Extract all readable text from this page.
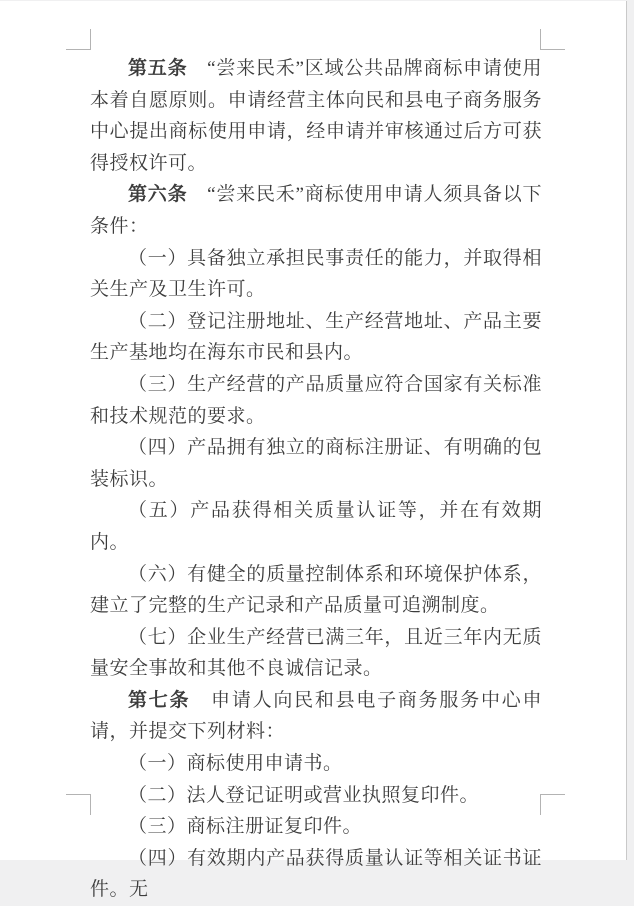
第五条　“尝来民禾”区域公共品牌商标申请使用本着自愿原则。申请经营主体向民和县电子商务服务中心提出商标使用申请，经申请并审核通过后方可获得授权许可。

第六条　“尝来民禾”商标使用申请人须具备以下条件：

（一）具备独立承担民事责任的能力，并取得相关生产及卫生许可。

（二）登记注册地址、生产经营地址、产品主要生产基地均在海东市民和县内。

（三）生产经营的产品质量应符合国家有关标准和技术规范的要求。

（四）产品拥有独立的商标注册证、有明确的包装标识。

（五）产品获得相关质量认证等，并在有效期内。

（六）有健全的质量控制体系和环境保护体系，建立了完整的生产记录和产品质量可追溯制度。

（七）企业生产经营已满三年，且近三年内无质量安全事故和其他不良诚信记录。

第七条　申请人向民和县电子商务服务中心申请，并提交下列材料：

（一）商标使用申请书。

（二）法人登记证明或营业执照复印件。

（三）商标注册证复印件。

（四）有效期内产品获得质量认证等相关证书证件。无
